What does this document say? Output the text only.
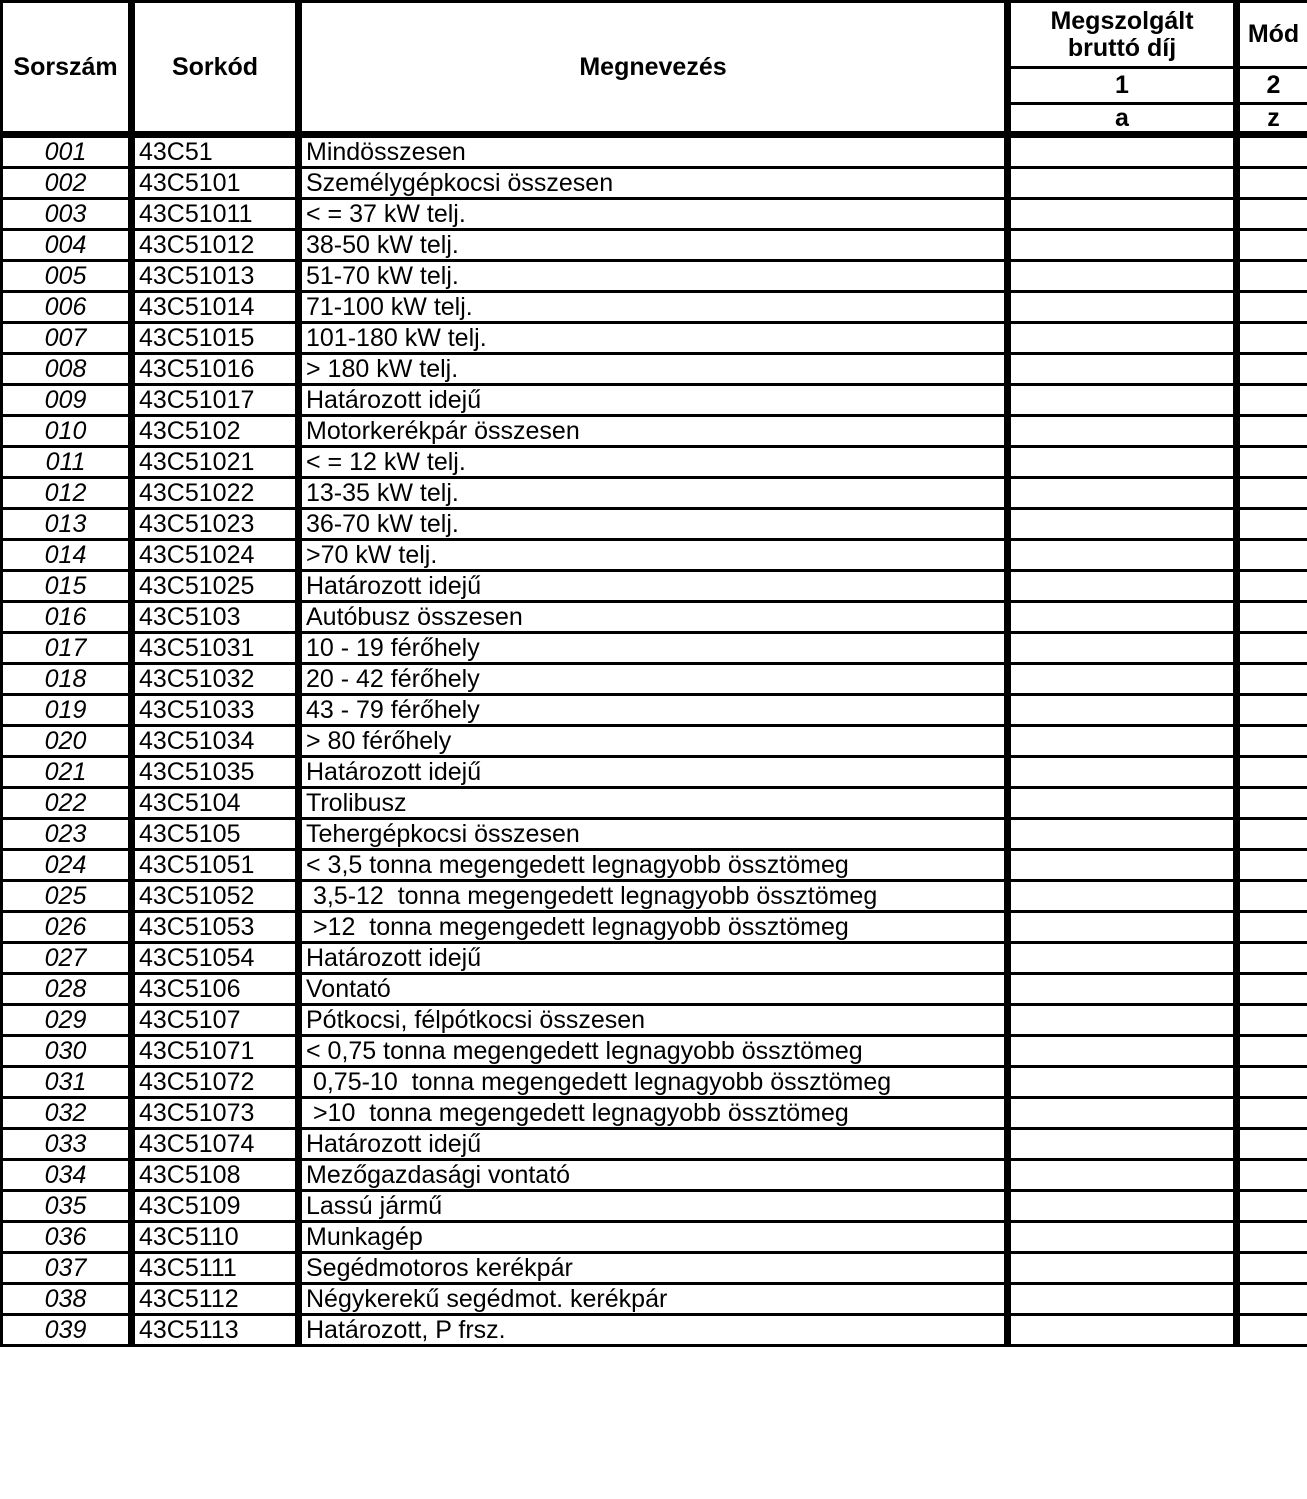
Sorszám	Sorkód	Megnevezés	Megszolgált bruttó díj	Mód
			1	2
			a	z
001	43C51	Mindösszesen		
002	43C5101	Személygépkocsi összesen		
003	43C51011	< = 37 kW telj.		
004	43C51012	38-50 kW telj.		
005	43C51013	51-70 kW telj.		
006	43C51014	71-100 kW telj.		
007	43C51015	101-180 kW telj.		
008	43C51016	> 180 kW telj.		
009	43C51017	Határozott idejű		
010	43C5102	Motorkerékpár összesen		
011	43C51021	< = 12 kW telj.		
012	43C51022	13-35 kW telj.		
013	43C51023	36-70 kW telj.		
014	43C51024	>70 kW telj.		
015	43C51025	Határozott idejű		
016	43C5103	Autóbusz összesen		
017	43C51031	10 - 19 férőhely		
018	43C51032	20 - 42 férőhely		
019	43C51033	43 - 79 férőhely		
020	43C51034	> 80 férőhely		
021	43C51035	Határozott idejű		
022	43C5104	Trolibusz		
023	43C5105	Tehergépkocsi összesen		
024	43C51051	< 3,5 tonna megengedett legnagyobb össztömeg		
025	43C51052	3,5-12  tonna megengedett legnagyobb össztömeg		
026	43C51053	>12  tonna megengedett legnagyobb össztömeg		
027	43C51054	Határozott idejű		
028	43C5106	Vontató		
029	43C5107	Pótkocsi, félpótkocsi összesen		
030	43C51071	< 0,75 tonna megengedett legnagyobb össztömeg		
031	43C51072	0,75-10  tonna megengedett legnagyobb össztömeg		
032	43C51073	>10  tonna megengedett legnagyobb össztömeg		
033	43C51074	Határozott idejű		
034	43C5108	Mezőgazdasági vontató		
035	43C5109	Lassú jármű		
036	43C5110	Munkagép		
037	43C5111	Segédmotoros kerékpár		
038	43C5112	Négykerekű segédmot. kerékpár		
039	43C5113	Határozott, P frsz.		
